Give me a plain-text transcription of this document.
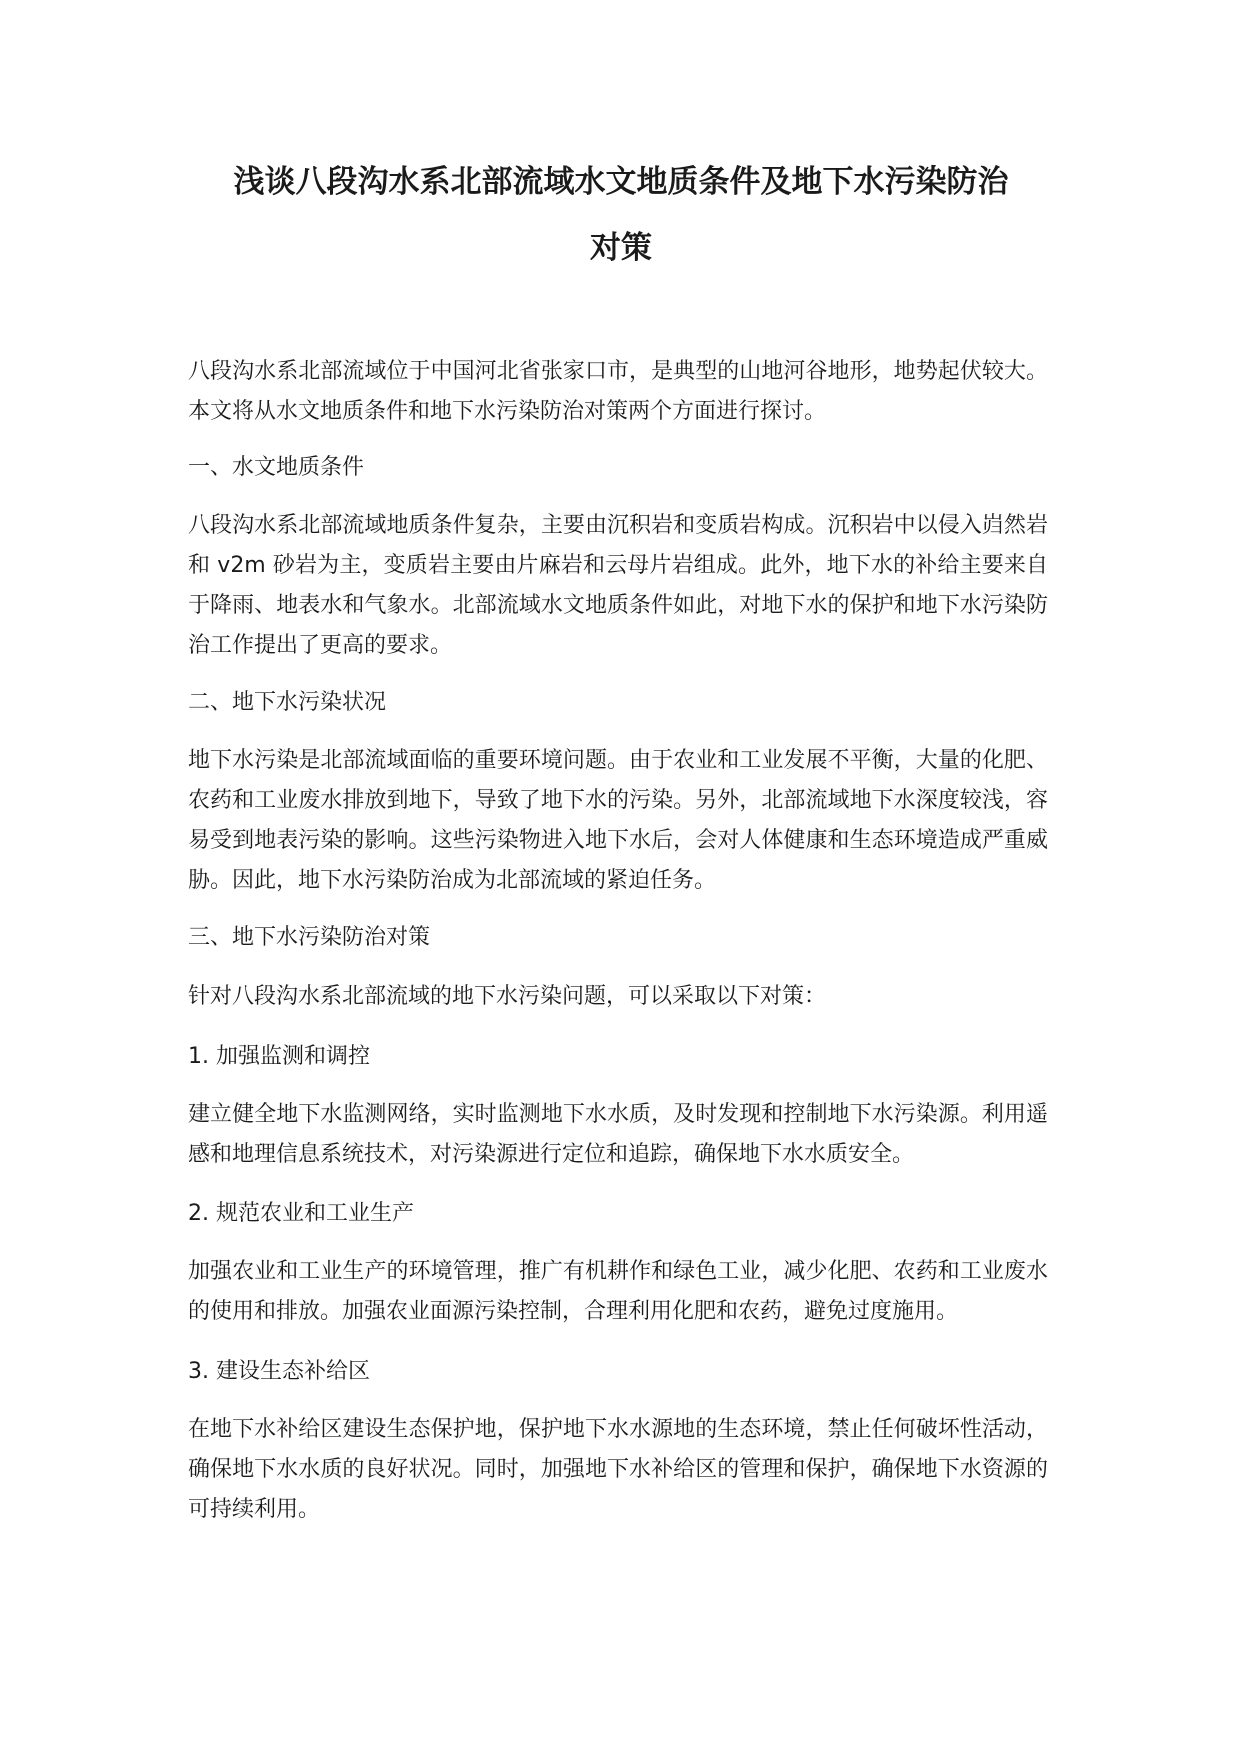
浅谈八段沟水系北部流域水文地质条件及地下水污染防治
对策

八段沟水系北部流域位于中国河北省张家口市，是典型的山地河谷地形，地势起伏较大。本文将从水文地质条件和地下水污染防治对策两个方面进行探讨。

一、水文地质条件

八段沟水系北部流域地质条件复杂，主要由沉积岩和变质岩构成。沉积岩中以侵入岿然岩和 v2m 砂岩为主，变质岩主要由片麻岩和云母片岩组成。此外，地下水的补给主要来自于降雨、地表水和气象水。北部流域水文地质条件如此，对地下水的保护和地下水污染防治工作提出了更高的要求。

二、地下水污染状况

地下水污染是北部流域面临的重要环境问题。由于农业和工业发展不平衡，大量的化肥、农药和工业废水排放到地下，导致了地下水的污染。另外，北部流域地下水深度较浅，容易受到地表污染的影响。这些污染物进入地下水后，会对人体健康和生态环境造成严重威胁。因此，地下水污染防治成为北部流域的紧迫任务。

三、地下水污染防治对策

针对八段沟水系北部流域的地下水污染问题，可以采取以下对策：

1. 加强监测和调控

建立健全地下水监测网络，实时监测地下水水质，及时发现和控制地下水污染源。利用遥感和地理信息系统技术，对污染源进行定位和追踪，确保地下水水质安全。

2. 规范农业和工业生产

加强农业和工业生产的环境管理，推广有机耕作和绿色工业，减少化肥、农药和工业废水的使用和排放。加强农业面源污染控制，合理利用化肥和农药，避免过度施用。

3. 建设生态补给区

在地下水补给区建设生态保护地，保护地下水水源地的生态环境，禁止任何破坏性活动，确保地下水水质的良好状况。同时，加强地下水补给区的管理和保护，确保地下水资源的可持续利用。
